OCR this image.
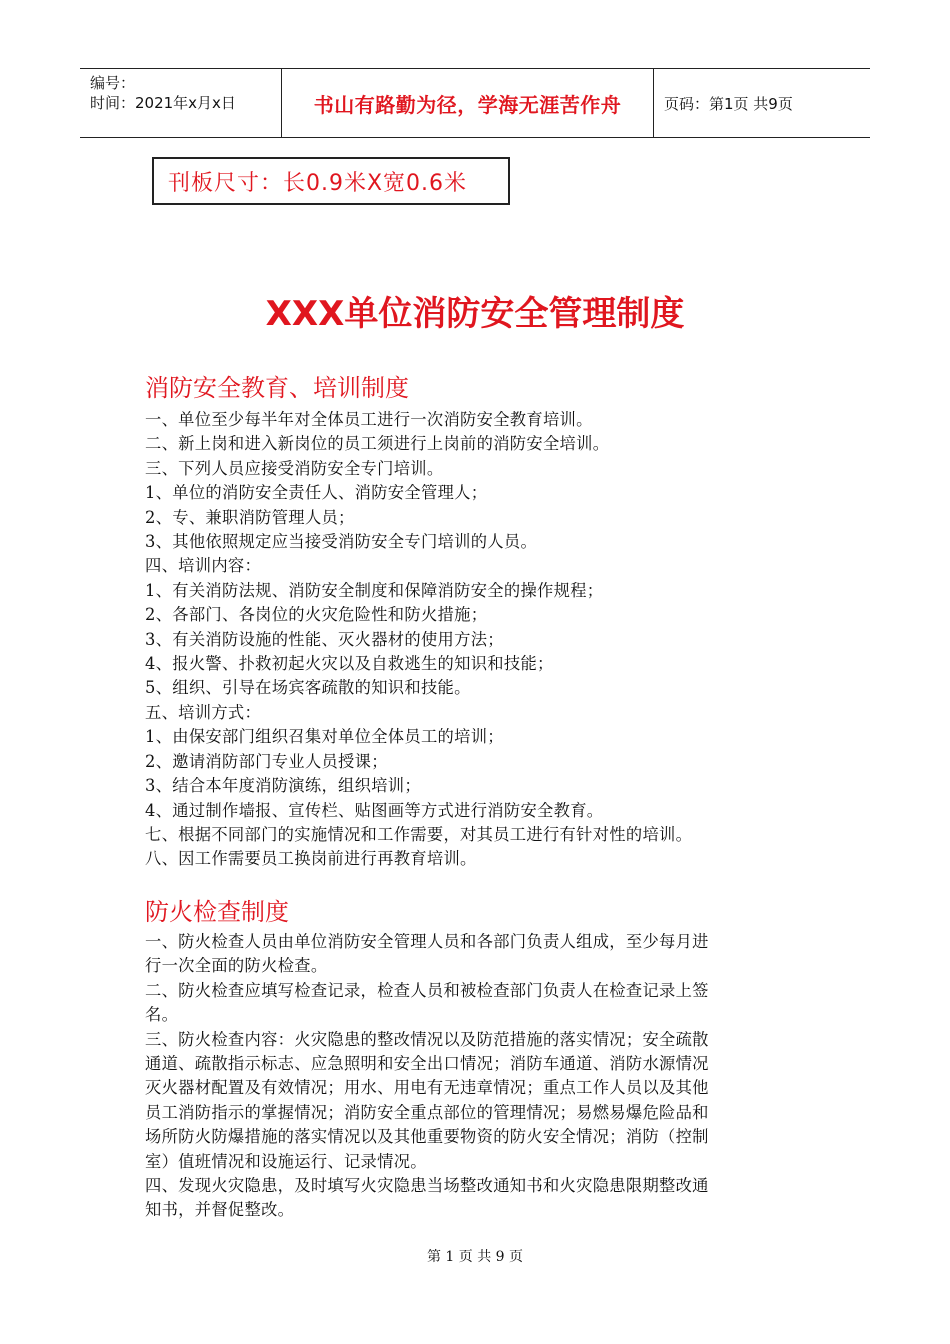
编号：
时间：2021年x月x日	书山有路勤为径，学海无涯苦作舟	页码：第1页 共9页
刊板尺寸：长0.9米X宽0.6米
XXX单位消防安全管理制度
消防安全教育、培训制度
一、单位至少每半年对全体员工进行一次消防安全教育培训。
二、新上岗和进入新岗位的员工须进行上岗前的消防安全培训。
三、下列人员应接受消防安全专门培训。
1、单位的消防安全责任人、消防安全管理人；
2、专、兼职消防管理人员；
3、其他依照规定应当接受消防安全专门培训的人员。
四、培训内容：
1、有关消防法规、消防安全制度和保障消防安全的操作规程；
2、各部门、各岗位的火灾危险性和防火措施；
3、有关消防设施的性能、灭火器材的使用方法；
4、报火警、扑救初起火灾以及自救逃生的知识和技能；
5、组织、引导在场宾客疏散的知识和技能。
五、培训方式：
1、由保安部门组织召集对单位全体员工的培训；
2、邀请消防部门专业人员授课；
3、结合本年度消防演练，组织培训；
4、通过制作墙报、宣传栏、贴图画等方式进行消防安全教育。
七、根据不同部门的实施情况和工作需要，对其员工进行有针对性的培训。
八、因工作需要员工换岗前进行再教育培训。
防火检查制度
一、防火检查人员由单位消防安全管理人员和各部门负责人组成，至少每月进
行一次全面的防火检查。
二、防火检查应填写检查记录，检查人员和被检查部门负责人在检查记录上签
名。
三、防火检查内容：火灾隐患的整改情况以及防范措施的落实情况；安全疏散
通道、疏散指示标志、应急照明和安全出口情况；消防车通道、消防水源情况
灭火器材配置及有效情况；用水、用电有无违章情况；重点工作人员以及其他
员工消防指示的掌握情况；消防安全重点部位的管理情况；易燃易爆危险品和
场所防火防爆措施的落实情况以及其他重要物资的防火安全情况；消防（控制
室）值班情况和设施运行、记录情况。
四、发现火灾隐患，及时填写火灾隐患当场整改通知书和火灾隐患限期整改通
知书，并督促整改。
第 1 页 共 9 页
